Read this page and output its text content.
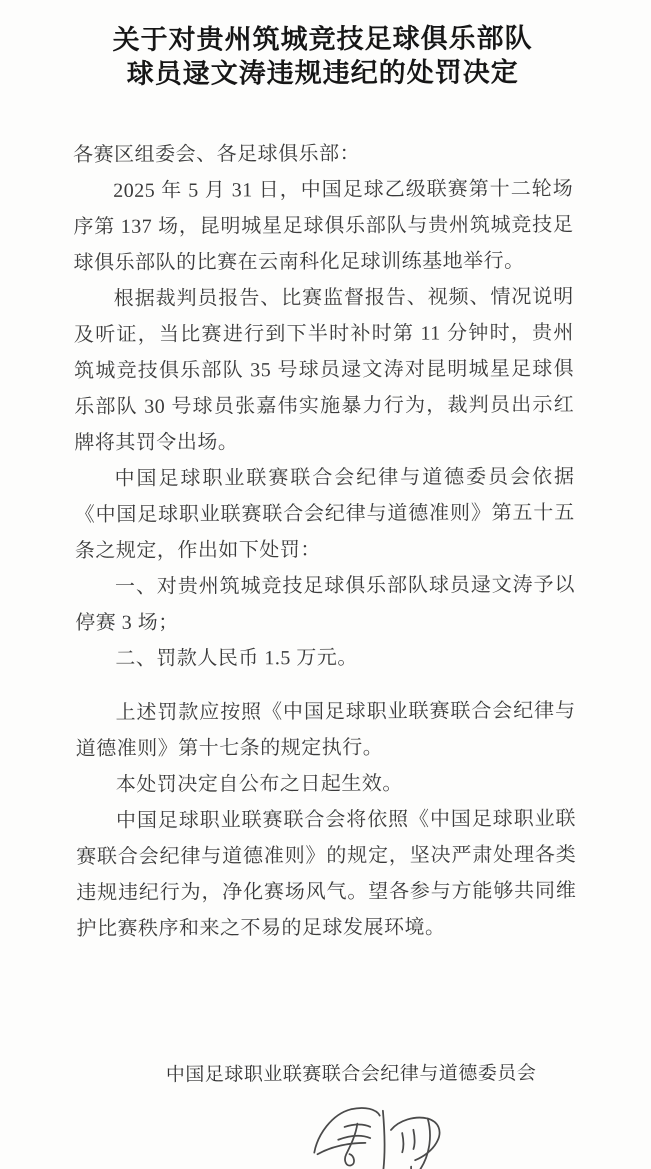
关于对贵州筑城竞技足球俱乐部队
球员逯文涛违规违纪的处罚决定

各赛区组委会、各足球俱乐部：

2025 年 5 月 31 日，中国足球乙级联赛第十二轮场序第 137 场，昆明城星足球俱乐部队与贵州筑城竞技足球俱乐部队的比赛在云南科化足球训练基地举行。

根据裁判员报告、比赛监督报告、视频、情况说明及听证，当比赛进行到下半时补时第 11 分钟时，贵州筑城竞技俱乐部队 35 号球员逯文涛对昆明城星足球俱乐部队 30 号球员张嘉伟实施暴力行为，裁判员出示红牌将其罚令出场。

中国足球职业联赛联合会纪律与道德委员会依据《中国足球职业联赛联合会纪律与道德准则》第五十五条之规定，作出如下处罚：

一、对贵州筑城竞技足球俱乐部队球员逯文涛予以停赛 3 场；

二、罚款人民币 1.5 万元。

上述罚款应按照《中国足球职业联赛联合会纪律与道德准则》第十七条的规定执行。

本处罚决定自公布之日起生效。

中国足球职业联赛联合会将依照《中国足球职业联赛联合会纪律与道德准则》的规定，坚决严肃处理各类违规违纪行为，净化赛场风气。望各参与方能够共同维护比赛秩序和来之不易的足球发展环境。

中国足球职业联赛联合会纪律与道德委员会
